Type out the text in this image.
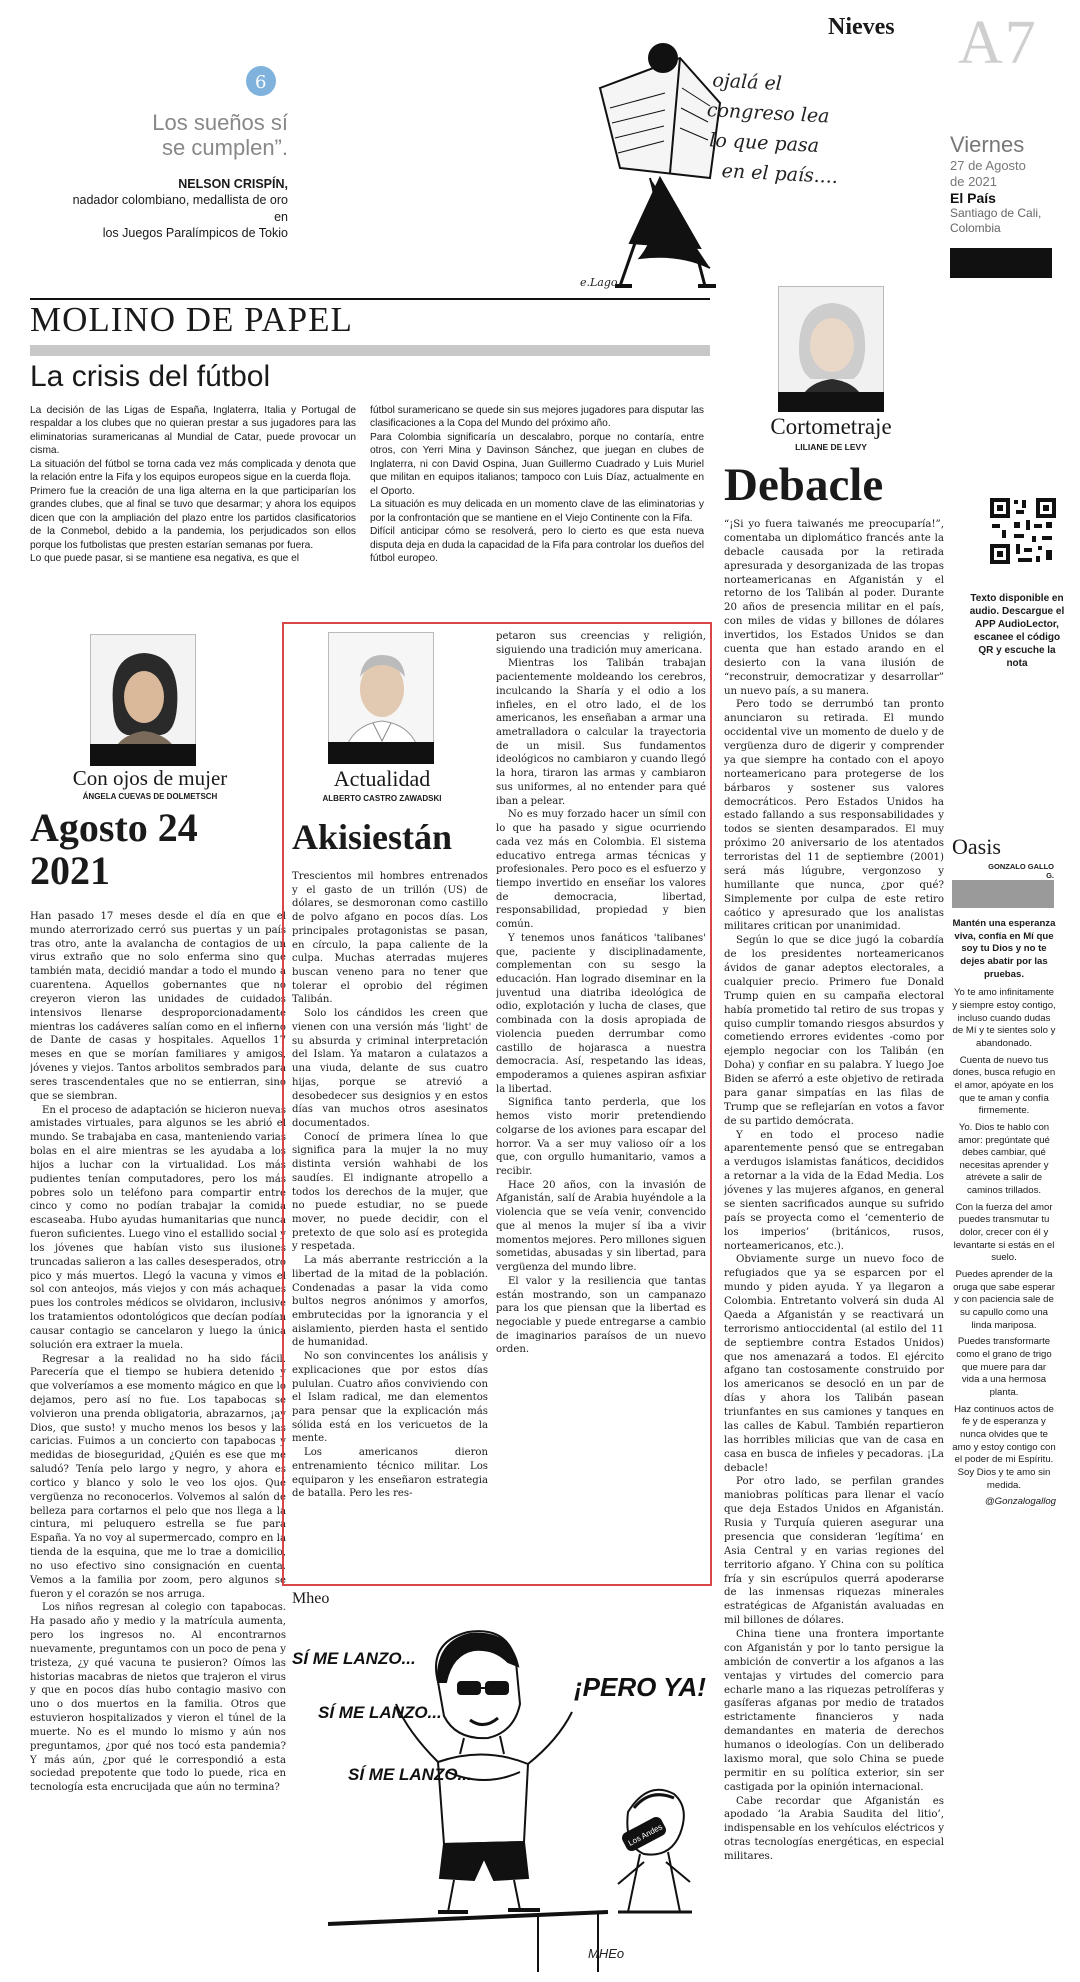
Nieves A7
Viernes
27 de Agosto
de 2021
El País
Santiago de Cali,
Colombia
6
Los sueños sí
se cumplen”.
NELSON CRISPÍN,
nadador colombiano, medallista de oro en
los Juegos Paralímpicos de Tokio
e.Lago
ojalá el
congreso lea
lo que pasa
en el país....
MOLINO DE PAPEL
La crisis del fútbol

La decisión de las Ligas de España, Inglaterra, Italia y Portugal de respaldar a los clubes que no quieran prestar a sus jugadores para las eliminatorias suramericanas al Mundial de Catar, puede provocar un cisma.

La situación del fútbol se torna cada vez más complicada y denota que la relación entre la Fifa y los equipos europeos sigue en la cuerda floja.

Primero fue la creación de una liga alterna en la que participarían los grandes clubes, que al final se tuvo que desarmar; y ahora los equipos dicen que con la ampliación del plazo entre los partidos clasificatorios de la Conmebol, debido a la pandemia, los perjudicados son ellos porque los futbolistas que presten estarían semanas por fuera.

Lo que puede pasar, si se mantiene esa negativa, es que el

fútbol suramericano se quede sin sus mejores jugadores para disputar las clasificaciones a la Copa del Mundo del próximo año.

Para Colombia significaría un descalabro, porque no contaría, entre otros, con Yerri Mina y Davinson Sánchez, que juegan en clubes de Inglaterra, ni con David Ospina, Juan Guillermo Cuadrado y Luis Muriel que militan en equipos italianos; tampoco con Luis Díaz, actualmente en el Oporto.

La situación es muy delicada en un momento clave de las eliminatorias y por la confrontación que se mantiene en el Viejo Continente con la Fifa.

Difícil anticipar cómo se resolverá, pero lo cierto es que esta nueva disputa deja en duda la capacidad de la Fifa para controlar los dueños del fútbol europeo.

Cortometraje
LILIANE DE LEVY
Debacle

“¡Si yo fuera taiwanés me preocuparía!”, comentaba un diplomático francés ante la debacle causada por la retirada apresurada y desorganizada de las tropas norteamericanas en Afganistán y el retorno de los Talibán al poder. Durante 20 años de presencia militar en el país, con miles de vidas y billones de dólares invertidos, los Estados Unidos se dan cuenta que han estado arando en el desierto con la vana ilusión de “reconstruir, democratizar y desarrollar” un nuevo país, a su manera.

Pero todo se derrumbó tan pronto anunciaron su retirada. El mundo occidental vive un momento de duelo y de vergüenza duro de digerir y comprender ya que siempre ha contado con el apoyo norteamericano para protegerse de los bárbaros y sostener sus valores democráticos. Pero Estados Unidos ha estado fallando a sus responsabilidades y todos se sienten desamparados. El muy próximo 20 aniversario de los atentados terroristas del 11 de septiembre (2001) será más lúgubre, vergonzoso y humillante que nunca, ¿por qué? Simplemente por culpa de este retiro caótico y apresurado que los analistas militares critican por unanimidad.

Según lo que se dice jugó la cobardía de los presidentes norteamericanos ávidos de ganar adeptos electorales, a cualquier precio. Primero fue Donald Trump quien en su campaña electoral había prometido tal retiro de sus tropas y quiso cumplir tomando riesgos absurdos y cometiendo errores evidentes -como por ejemplo negociar con los Talibán (en Doha) y confiar en su palabra. Y luego Joe Biden se aferró a este objetivo de retirada para ganar simpatías en las filas de Trump que se reflejarían en votos a favor de su partido demócrata.

Y en todo el proceso nadie aparentemente pensó que se entregaban a verdugos islamistas fanáticos, decididos a retornar a la vida de la Edad Media. Los jóvenes y las mujeres afganos, en general se sienten sacrificados aunque su sufrido país se proyecta como el ‘cementerio de los imperios’ (británicos, rusos, norteamericanos, etc.).

Obviamente surge un nuevo foco de refugiados que ya se esparcen por el mundo y piden ayuda. Y ya llegaron a Colombia. Entretanto volverá sin duda Al Qaeda a Afganistán y se reactivará un terrorismo antioccidental (al estilo del 11 de septiembre contra Estados Unidos) que nos amenazará a todos. El ejército afgano tan costosamente construido por los americanos se desocló en un par de días y ahora los Talibán pasean triunfantes en sus camiones y tanques en las calles de Kabul. También repartieron las horribles milicias que van de casa en casa en busca de infieles y pecadoras. ¡La debacle!

Por otro lado, se perfilan grandes maniobras políticas para llenar el vacío que deja Estados Unidos en Afganistán. Rusia y Turquía quieren asegurar una presencia que consideran ‘legítima’ en Asia Central y en varias regiones del territorio afgano. Y China con su política fría y sin escrúpulos querrá apoderarse de las inmensas riquezas minerales estratégicas de Afganistán avaluadas en mil billones de dólares.

China tiene una frontera importante con Afganistán y por lo tanto persigue la ambición de convertir a los afganos a las ventajas y virtudes del comercio para echarle mano a las riquezas petrolíferas y gasíferas afganas por medio de tratados estrictamente financieros y nada demandantes en materia de derechos humanos o ideologías. Con un deliberado laxismo moral, que solo China se puede permitir en su política exterior, sin ser castigada por la opinión internacional.

Cabe recordar que Afganistán es apodado ‘la Arabia Saudita del litio’, indispensable en los vehículos eléctricos y otras tecnologías energéticas, en especial militares.

Texto disponible en
audio. Descargue el
APP AudioLector,
escanee el código
QR y escuche la
nota
Oasis
GONZALO GALLO G.

Mantén una esperanza viva, confía en Mí que soy tu Dios y no te dejes abatir por las pruebas.

Yo te amo infinitamente y siempre estoy contigo, incluso cuando dudas de Mí y te sientes solo y abandonado.

Cuenta de nuevo tus dones, busca refugio en el amor, apóyate en los que te aman y confía firmemente.

Yo. Dios te hablo con amor: pregúntate qué debes cambiar, qué necesitas aprender y atrévete a salir de caminos trillados.

Con la fuerza del amor puedes transmutar tu dolor, crecer con él y levantarte si estás en el suelo.

Puedes aprender de la oruga que sabe esperar y con paciencia sale de su capullo como una linda mariposa.

Puedes transformarte como el grano de trigo que muere para dar vida a una hermosa planta.

Haz continuos actos de fe y de esperanza y nunca olvides que te amo y estoy contigo con el poder de mi Espíritu. Soy Dios y te amo sin medida.

@Gonzalogallog

Con ojos de mujer
ÁNGELA CUEVAS DE DOLMETSCH
Agosto 24
2021

Han pasado 17 meses desde el día en que el mundo aterrorizado cerró sus puertas y un país tras otro, ante la avalancha de contagios de un virus extraño que no solo enferma sino que también mata, decidió mandar a todo el mundo a cuarentena. Aquellos gobernantes que no creyeron vieron las unidades de cuidados intensivos llenarse desproporcionadamente mientras los cadáveres salían como en el infierno de Dante de casas y hospitales. Aquellos 17 meses en que se morían familiares y amigos, jóvenes y viejos. Tantos arbolitos sembrados para seres trascendentales que no se entierran, sino que se siembran.

En el proceso de adaptación se hicieron nuevas amistades virtuales, para algunos se les abrió el mundo. Se trabajaba en casa, manteniendo varias bolas en el aire mientras se les ayudaba a los hijos a luchar con la virtualidad. Los más pudientes tenían computadores, pero los más pobres solo un teléfono para compartir entre cinco y como no podían trabajar la comida escaseaba. Hubo ayudas humanitarias que nunca fueron suficientes. Luego vino el estallido social y los jóvenes que habían visto sus ilusiones truncadas salieron a las calles desesperados, otro pico y más muertos. Llegó la vacuna y vimos el sol con anteojos, más viejos y con más achaques pues los controles médicos se olvidaron, inclusive los tratamientos odontológicos que decían podían causar contagio se cancelaron y luego la única solución era extraer la muela.

Regresar a la realidad no ha sido fácil. Parecería que el tiempo se hubiera detenido y que volveríamos a ese momento mágico en que lo dejamos, pero así no fue. Los tapabocas se volvieron una prenda obligatoria, abrazarnos, ¡ay Dios, que susto! y mucho menos los besos y las caricias. Fuimos a un concierto con tapabocas y medidas de bioseguridad, ¿Quién es ese que me saludó? Tenía pelo largo y negro, y ahora es cortico y blanco y solo le veo los ojos. Qué vergüenza no reconocerlos. Volvemos al salón de belleza para cortarnos el pelo que nos llega a la cintura, mi peluquero estrella se fue para España. Ya no voy al supermercado, compro en la tienda de la esquina, que me lo trae a domicilio, no uso efectivo sino consignación en cuenta. Vemos a la familia por zoom, pero algunos se fueron y el corazón se nos arruga.

Los niños regresan al colegio con tapabocas. Ha pasado año y medio y la matrícula aumenta, pero los ingresos no. Al encontrarnos nuevamente, preguntamos con un poco de pena y tristeza, ¿y qué vacuna te pusieron? Oímos las historias macabras de nietos que trajeron el virus y que en pocos días hubo contagio masivo con uno o dos muertos en la familia. Otros que estuvieron hospitalizados y vieron el túnel de la muerte. No es el mundo lo mismo y aún nos preguntamos, ¿por qué nos tocó esta pandemia? Y más aún, ¿por qué le correspondió a esta sociedad prepotente que todo lo puede, rica en tecnología esta encrucijada que aún no termina?

Actualidad
ALBERTO CASTRO ZAWADSKI
Akisiestán

Trescientos mil hombres entrenados y el gasto de un trillón (US) de dólares, se desmoronan como castillo de polvo afgano en pocos días. Los principales protagonistas se pasan, en círculo, la papa caliente de la culpa. Muchas aterradas mujeres buscan veneno para no tener que tolerar el oprobio del régimen Talibán.

Solo los cándidos les creen que vienen con una versión más 'light' de su absurda y criminal interpretación del Islam. Ya mataron a culatazos a una viuda, delante de sus cuatro hijas, porque se atrevió a desobedecer sus designios y en estos días van muchos otros asesinatos documentados.

Conocí de primera línea lo que significa para la mujer la no muy distinta versión wahhabi de los saudíes. El indignante atropello a todos los derechos de la mujer, que no puede estudiar, no se puede mover, no puede decidir, con el pretexto de que solo así es protegida y respetada.

La más aberrante restricción a la libertad de la mitad de la población. Condenadas a pasar la vida como bultos negros anónimos y amorfos, embrutecidas por la ignorancia y el aislamiento, pierden hasta el sentido de humanidad.

No son convincentes los análisis y explicaciones que por estos días pululan. Cuatro años conviviendo con el Islam radical, me dan elementos para pensar que la explicación más sólida está en los vericuetos de la mente.

Los americanos dieron entrenamiento técnico militar. Los equiparon y les enseñaron estrategia de batalla. Pero les res-

petaron sus creencias y religión, siguiendo una tradición muy americana.

Mientras los Talibán trabajan pacientemente moldeando los cerebros, inculcando la Sharía y el odio a los infieles, en el otro lado, el de los americanos, les enseñaban a armar una ametralladora o calcular la trayectoria de un misil. Sus fundamentos ideológicos no cambiaron y cuando llegó la hora, tiraron las armas y cambiaron sus uniformes, al no entender para qué iban a pelear.

No es muy forzado hacer un símil con lo que ha pasado y sigue ocurriendo cada vez más en Colombia. El sistema educativo entrega armas técnicas y profesionales. Pero poco es el esfuerzo y tiempo invertido en enseñar los valores de democracia, libertad, responsabilidad, propiedad y bien común.

Y tenemos unos fanáticos 'talibanes' que, paciente y disciplinadamente, complementan con su sesgo la educación. Han logrado diseminar en la juventud una diatriba ideológica de odio, explotación y lucha de clases, que combinada con la dosis apropiada de violencia pueden derrumbar como castillo de hojarasca a nuestra democracia. Así, respetando las ideas, empoderamos a quienes aspiran asfixiar la libertad.

Significa tanto perderla, que los hemos visto morir pretendiendo colgarse de los aviones para escapar del horror. Va a ser muy valioso oír a los que, con orgullo humanitario, vamos a recibir.

Hace 20 años, con la invasión de Afganistán, salí de Arabia huyéndole a la violencia que se veía venir, convencido que al menos la mujer sí iba a vivir momentos mejores. Pero millones siguen sometidas, abusadas y sin libertad, para vergüenza del mundo libre.

El valor y la resiliencia que tantas están mostrando, son un campanazo para los que piensan que la libertad es negociable y puede entregarse a cambio de imaginarios paraísos de un nuevo orden.

Mheo
SÍ ME LANZO...
SÍ ME LANZO...
SÍ ME LANZO...
¡PERO YA!
MHEo
Los Andes
